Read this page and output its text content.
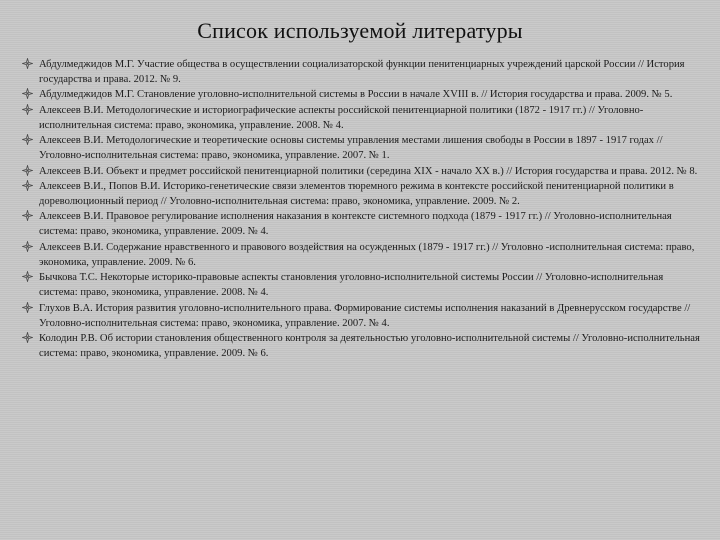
Список используемой литературы
Абдулмеджидов М.Г. Участие общества в осуществлении социализаторской функции пенитенциарных учреждений царской России // История государства и права. 2012. № 9.
Абдулмеджидов М.Г. Становление уголовно-исполнительной системы в России в начале XVIII в. // История государства и права. 2009. № 5.
Алексеев В.И. Методологические и историографические аспекты российской пенитенциарной политики (1872 - 1917 гг.) // Уголовно-исполнительная система: право, экономика, управление. 2008. № 4.
Алексеев В.И. Методологические и теоретические основы системы управления местами лишения свободы в России в 1897 - 1917 годах // Уголовно-исполнительная система: право, экономика, управление. 2007. № 1.
Алексеев В.И. Объект и предмет российской пенитенциарной политики (середина XIX - начало XX в.) // История государства и права. 2012. № 8.
Алексеев В.И., Попов В.И. Историко-генетические связи элементов тюремного режима в контексте российской пенитенциарной политики в дореволюционный период // Уголовно-исполнительная система: право, экономика, управление. 2009. № 2.
Алексеев В.И. Правовое регулирование исполнения наказания в контексте системного подхода (1879 - 1917 гг.) // Уголовно-исполнительная система: право, экономика, управление. 2009. № 4.
Алексеев В.И. Содержание нравственного и правового воздействия на осужденных (1879 - 1917 гг.) // Уголовно -исполнительная система: право, экономика, управление. 2009. № 6.
Бычкова Т.С. Некоторые историко-правовые аспекты становления уголовно-исполнительной системы России // Уголовно-исполнительная система: право, экономика, управление. 2008. № 4.
Глухов В.А. История развития уголовно-исполнительного права. Формирование системы исполнения наказаний в Древнерусском государстве // Уголовно-исполнительная система: право, экономика, управление. 2007. № 4.
Колодин Р.В. Об истории становления общественного контроля за деятельностью уголовно-исполнительной системы // Уголовно-исполнительная система: право, экономика, управление. 2009. № 6.
